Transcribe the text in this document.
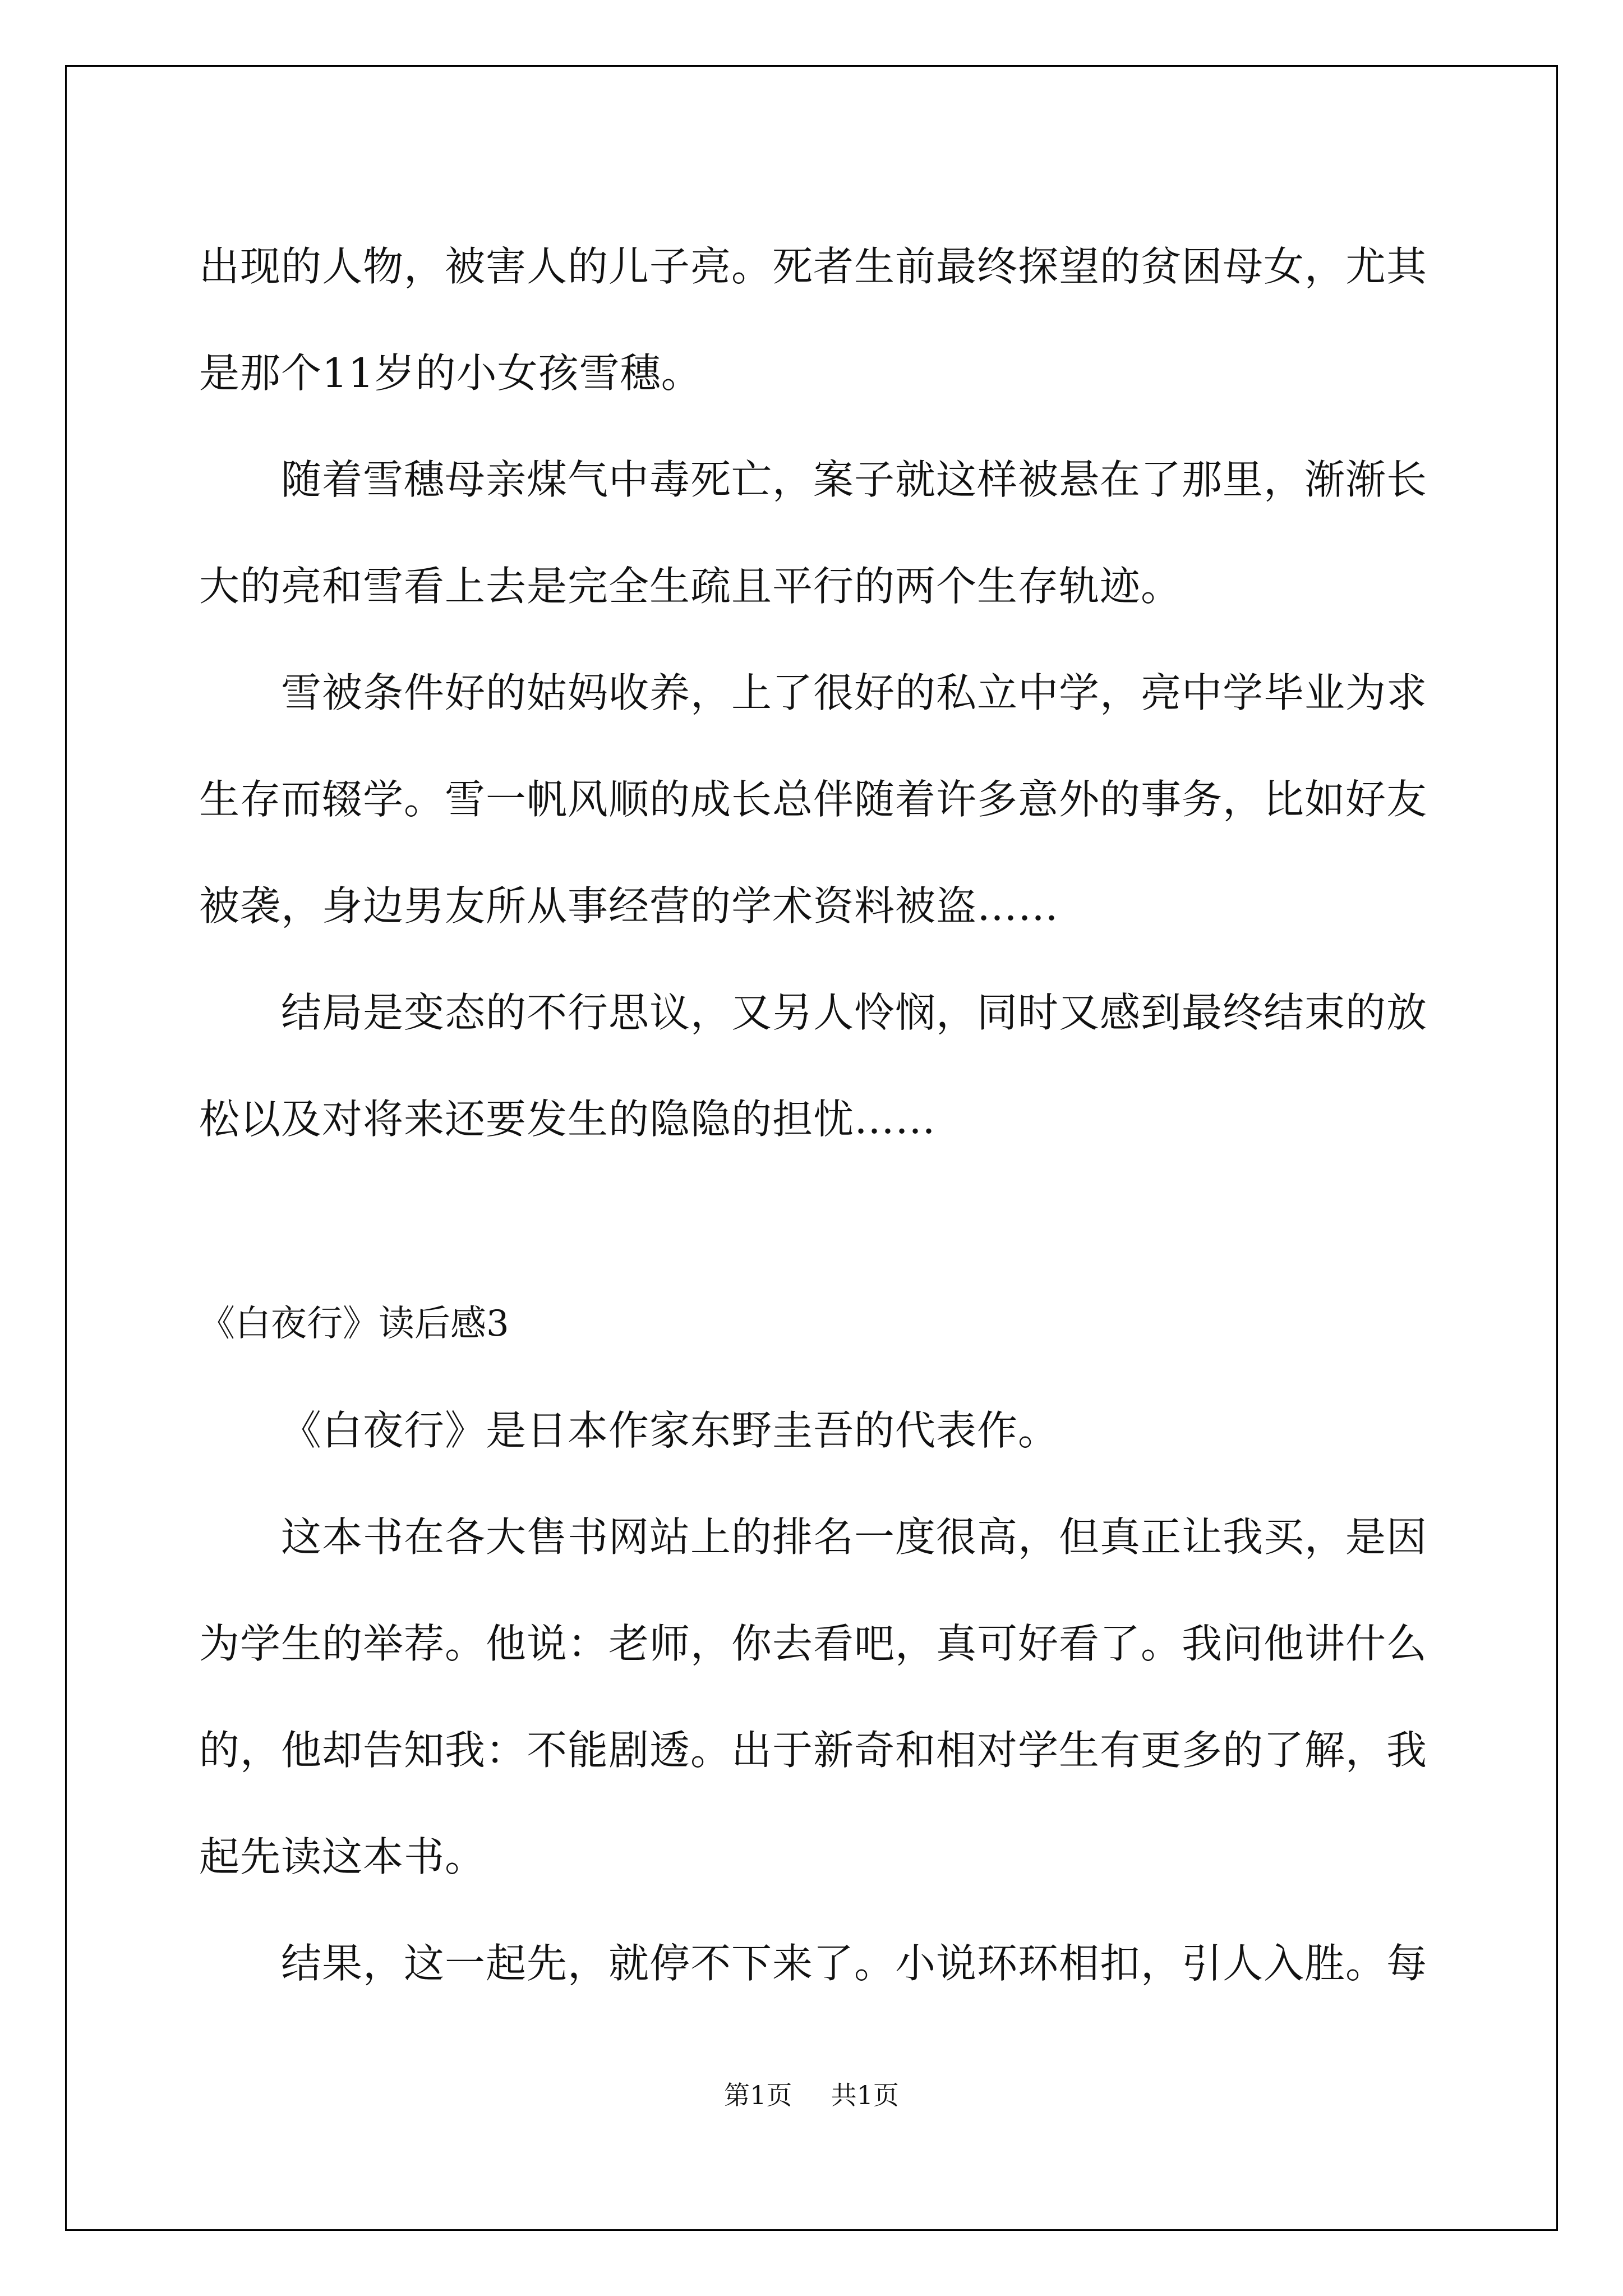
出现的人物，被害人的儿子亮。死者生前最终探望的贫困母女，尤其是那个11岁的小女孩雪穗。

随着雪穗母亲煤气中毒死亡，案子就这样被悬在了那里，渐渐长大的亮和雪看上去是完全生疏且平行的两个生存轨迹。

雪被条件好的姑妈收养，上了很好的私立中学，亮中学毕业为求生存而辍学。雪一帆风顺的成长总伴随着许多意外的事务，比如好友被袭，身边男友所从事经营的学术资料被盗……

结局是变态的不行思议，又另人怜悯，同时又感到最终结束的放松以及对将来还要发生的隐隐的担忧……

《白夜行》读后感3

《白夜行》是日本作家东野圭吾的代表作。

这本书在各大售书网站上的排名一度很高，但真正让我买，是因为学生的举荐。他说：老师，你去看吧，真可好看了。我问他讲什么的，他却告知我：不能剧透。出于新奇和相对学生有更多的了解，我起先读这本书。

结果，这一起先，就停不下来了。小说环环相扣，引人入胜。每

第1页 共1页
